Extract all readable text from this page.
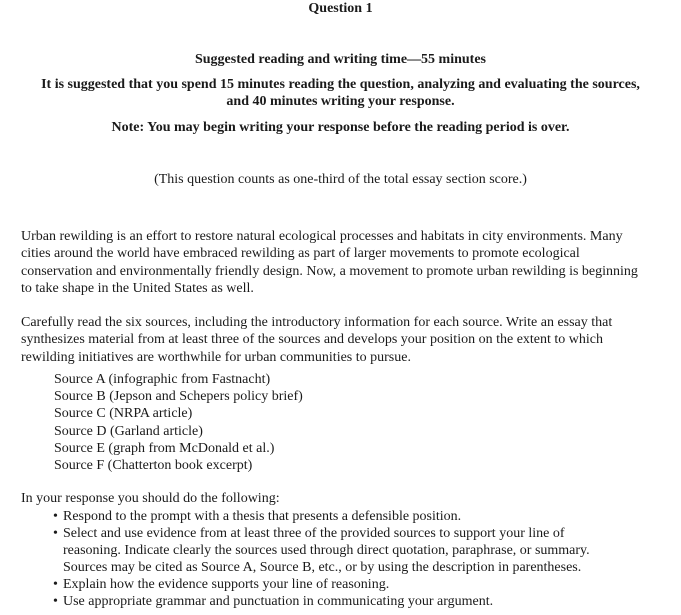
Question 1
Suggested reading and writing time—55 minutes
It is suggested that you spend 15 minutes reading the question, analyzing and evaluating the sources,
and 40 minutes writing your response.
Note: You may begin writing your response before the reading period is over.
(This question counts as one-third of the total essay section score.)
Urban rewilding is an effort to restore natural ecological processes and habitats in city environments. Many
cities around the world have embraced rewilding as part of larger movements to promote ecological
conservation and environmentally friendly design. Now, a movement to promote urban rewilding is beginning
to take shape in the United States as well.
Carefully read the six sources, including the introductory information for each source. Write an essay that
synthesizes material from at least three of the sources and develops your position on the extent to which
rewilding initiatives are worthwhile for urban communities to pursue.
Source A (infographic from Fastnacht)
Source B (Jepson and Schepers policy brief)
Source C (NRPA article)
Source D (Garland article)
Source E (graph from McDonald et al.)
Source F (Chatterton book excerpt)
In your response you should do the following:
• Respond to the prompt with a thesis that presents a defensible position.
• Select and use evidence from at least three of the provided sources to support your line of
reasoning. Indicate clearly the sources used through direct quotation, paraphrase, or summary.
Sources may be cited as Source A, Source B, etc., or by using the description in parentheses.
• Explain how the evidence supports your line of reasoning.
• Use appropriate grammar and punctuation in communicating your argument.
